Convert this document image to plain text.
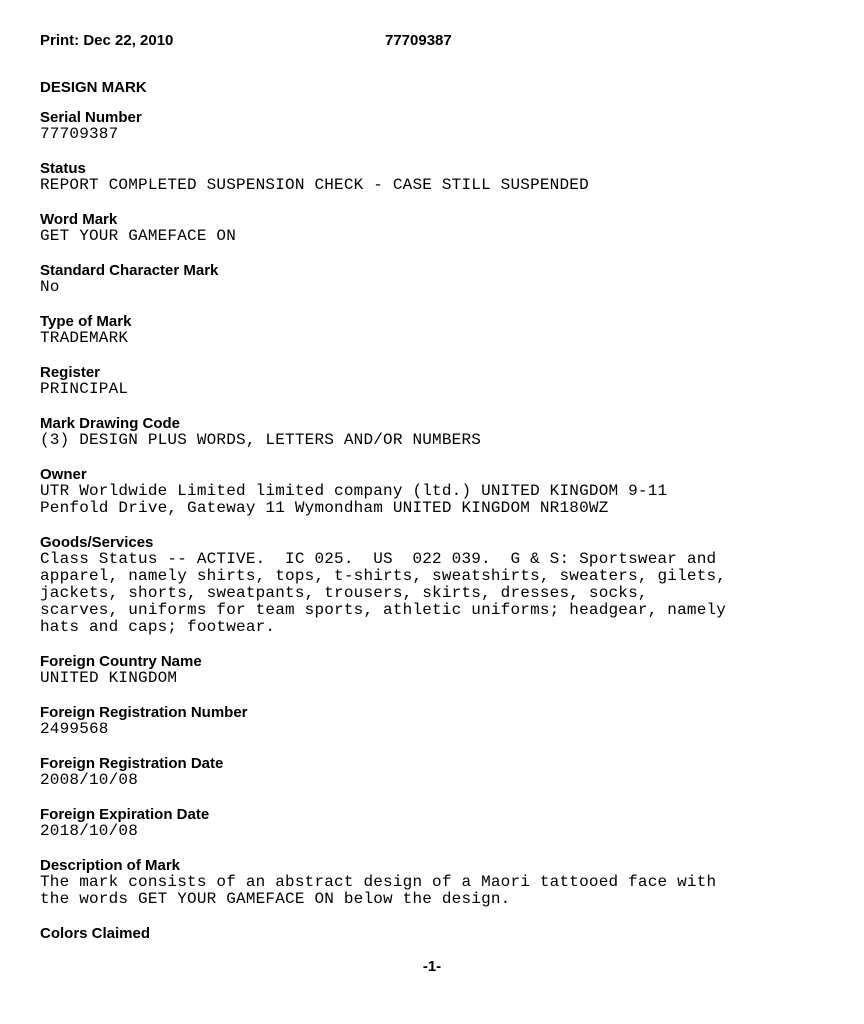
Print: Dec 22, 2010	77709387
DESIGN MARK
Serial Number
77709387
Status
REPORT COMPLETED SUSPENSION CHECK - CASE STILL SUSPENDED
Word Mark
GET YOUR GAMEFACE ON
Standard Character Mark
No
Type of Mark
TRADEMARK
Register
PRINCIPAL
Mark Drawing Code
(3) DESIGN PLUS WORDS, LETTERS AND/OR NUMBERS
Owner
UTR Worldwide Limited limited company (ltd.) UNITED KINGDOM 9-11
Penfold Drive, Gateway 11 Wymondham UNITED KINGDOM NR180WZ
Goods/Services
Class Status -- ACTIVE.  IC 025.  US  022 039.  G & S: Sportswear and
apparel, namely shirts, tops, t-shirts, sweatshirts, sweaters, gilets,
jackets, shorts, sweatpants, trousers, skirts, dresses, socks,
scarves, uniforms for team sports, athletic uniforms; headgear, namely
hats and caps; footwear.
Foreign Country Name
UNITED KINGDOM
Foreign Registration Number
2499568
Foreign Registration Date
2008/10/08
Foreign Expiration Date
2018/10/08
Description of Mark
The mark consists of an abstract design of a Maori tattooed face with
the words GET YOUR GAMEFACE ON below the design.
Colors Claimed
-1-
